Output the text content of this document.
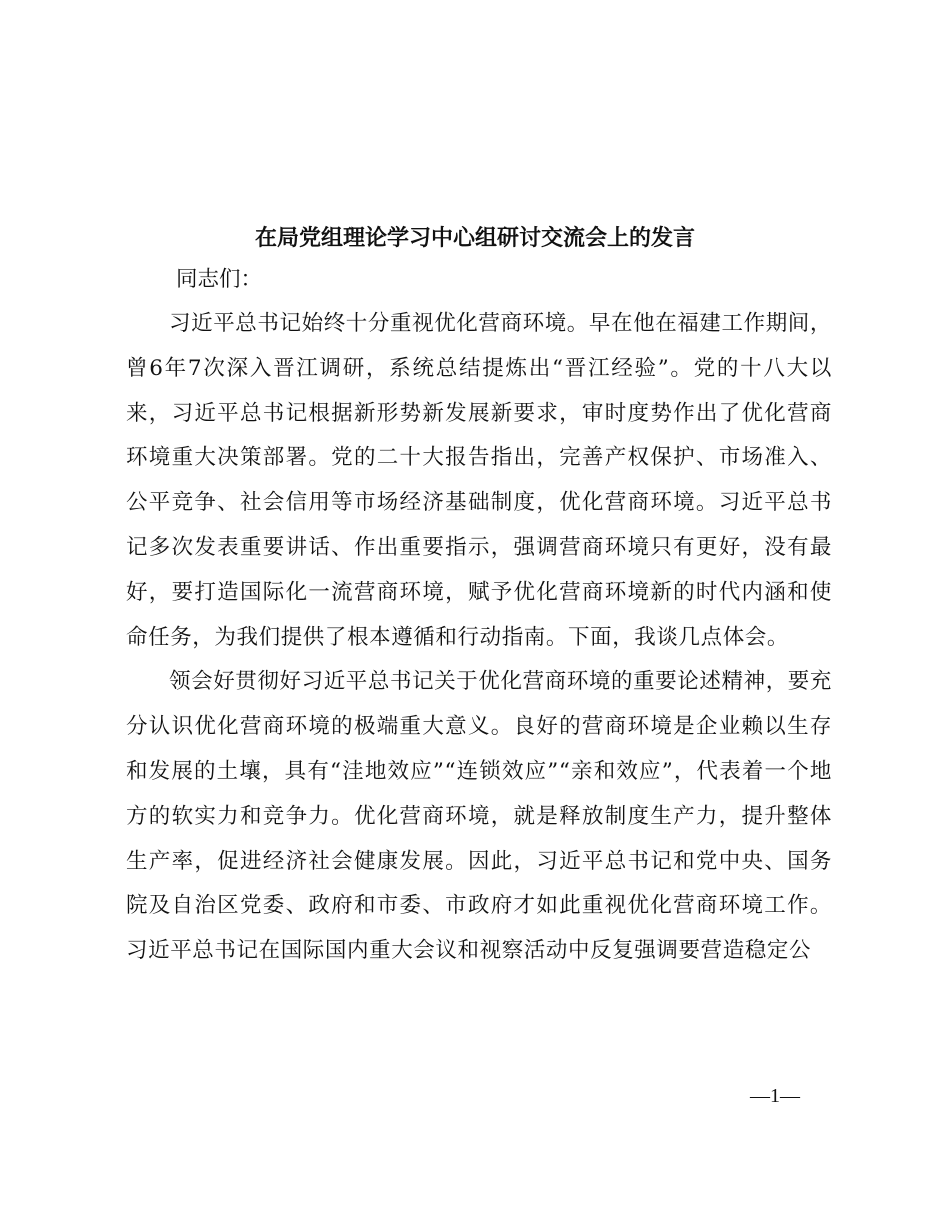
在局党组理论学习中心组研讨交流会上的发言

同志们：

习近平总书记始终十分重视优化营商环境。早在他在福建工作期间，曾6年7次深入晋江调研，系统总结提炼出“晋江经验”。党的十八大以来，习近平总书记根据新形势新发展新要求，审时度势作出了优化营商环境重大决策部署。党的二十大报告指出，完善产权保护、市场准入、公平竞争、社会信用等市场经济基础制度，优化营商环境。习近平总书记多次发表重要讲话、作出重要指示，强调营商环境只有更好，没有最好，要打造国际化一流营商环境，赋予优化营商环境新的时代内涵和使命任务，为我们提供了根本遵循和行动指南。下面，我谈几点体会。

领会好贯彻好习近平总书记关于优化营商环境的重要论述精神，要充分认识优化营商环境的极端重大意义。良好的营商环境是企业赖以生存和发展的土壤，具有“洼地效应”“连锁效应”“亲和效应”，代表着一个地方的软实力和竞争力。优化营商环境，就是释放制度生产力，提升整体生产率，促进经济社会健康发展。因此，习近平总书记和党中央、国务院及自治区党委、政府和市委、市政府才如此重视优化营商环境工作。习近平总书记在国际国内重大会议和视察活动中反复强调要营造稳定公

—1—
